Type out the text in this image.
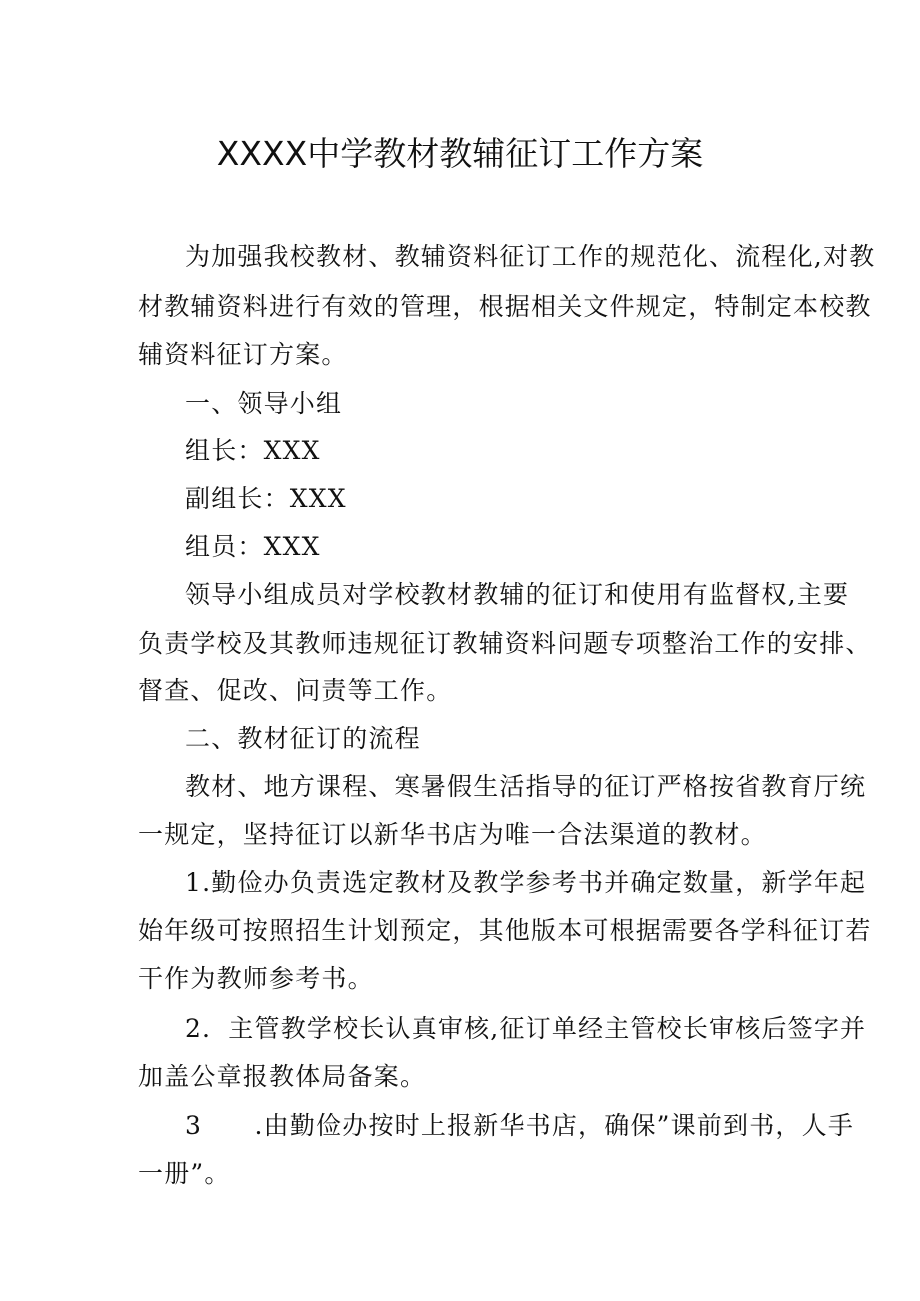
XXXX中学教材教辅征订工作方案
为加强我校教材、教辅资料征订工作的规范化、流程化,对教
材教辅资料进行有效的管理，根据相关文件规定，特制定本校教
辅资料征订方案。
一、领导小组
组长：XXX
副组长：XXX
组员：XXX
领导小组成员对学校教材教辅的征订和使用有监督权,主要
负责学校及其教师违规征订教辅资料问题专项整治工作的安排、
督查、促改、问责等工作。
二、教材征订的流程
教材、地方课程、寒暑假生活指导的征订严格按省教育厅统
一规定，坚持征订以新华书店为唯一合法渠道的教材。
1.勤俭办负责选定教材及教学参考书并确定数量，新学年起
始年级可按照招生计划预定，其他版本可根据需要各学科征订若
干作为教师参考书。
2．主管教学校长认真审核,征订单经主管校长审核后签字并
加盖公章报教体局备案。
3　　.由勤俭办按时上报新华书店，确保”课前到书，人手
一册”。
